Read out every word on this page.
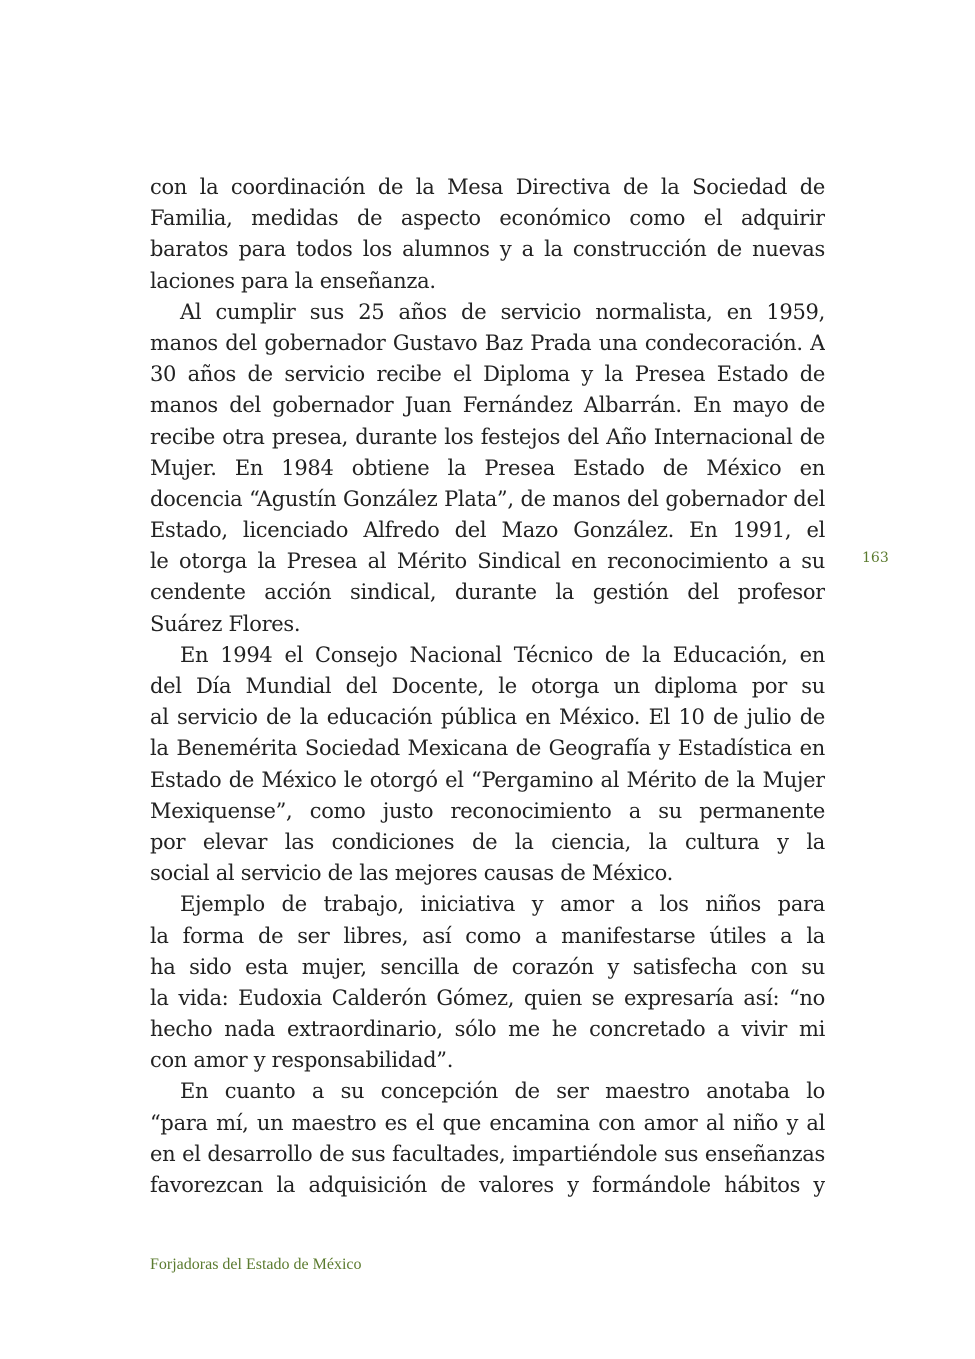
con la coordinación de la Mesa Directiva de la Sociedad de
Familia, medidas de aspecto económico como el adquirir
baratos para todos los alumnos y a la construcción de nuevas
laciones para la enseñanza.
Al cumplir sus 25 años de servicio normalista, en 1959,
manos del gobernador Gustavo Baz Prada una condecoración. A
30 años de servicio recibe el Diploma y la Presea Estado de
manos del gobernador Juan Fernández Albarrán. En mayo de
recibe otra presea, durante los festejos del Año Internacional de
Mujer. En 1984 obtiene la Presea Estado de México en
docencia “Agustín González Plata”, de manos del gobernador del
Estado, licenciado Alfredo del Mazo González. En 1991, el
le otorga la Presea al Mérito Sindical en reconocimiento a su
cendente acción sindical, durante la gestión del profesor
Suárez Flores.
En 1994 el Consejo Nacional Técnico de la Educación, en
del Día Mundial del Docente, le otorga un diploma por su
al servicio de la educación pública en México. El 10 de julio de
la Benemérita Sociedad Mexicana de Geografía y Estadística en
Estado de México le otorgó el “Pergamino al Mérito de la Mujer
Mexiquense”, como justo reconocimiento a su permanente
por elevar las condiciones de la ciencia, la cultura y la
social al servicio de las mejores causas de México.
Ejemplo de trabajo, iniciativa y amor a los niños para
la forma de ser libres, así como a manifestarse útiles a la
ha sido esta mujer, sencilla de corazón y satisfecha con su
la vida: Eudoxia Calderón Gómez, quien se expresaría así: “no
hecho nada extraordinario, sólo me he concretado a vivir mi
con amor y responsabilidad”.
En cuanto a su concepción de ser maestro anotaba lo
“para mí, un maestro es el que encamina con amor al niño y al
en el desarrollo de sus facultades, impartiéndole sus enseñanzas
favorezcan la adquisición de valores y formándole hábitos y
163
Forjadoras del Estado de México
